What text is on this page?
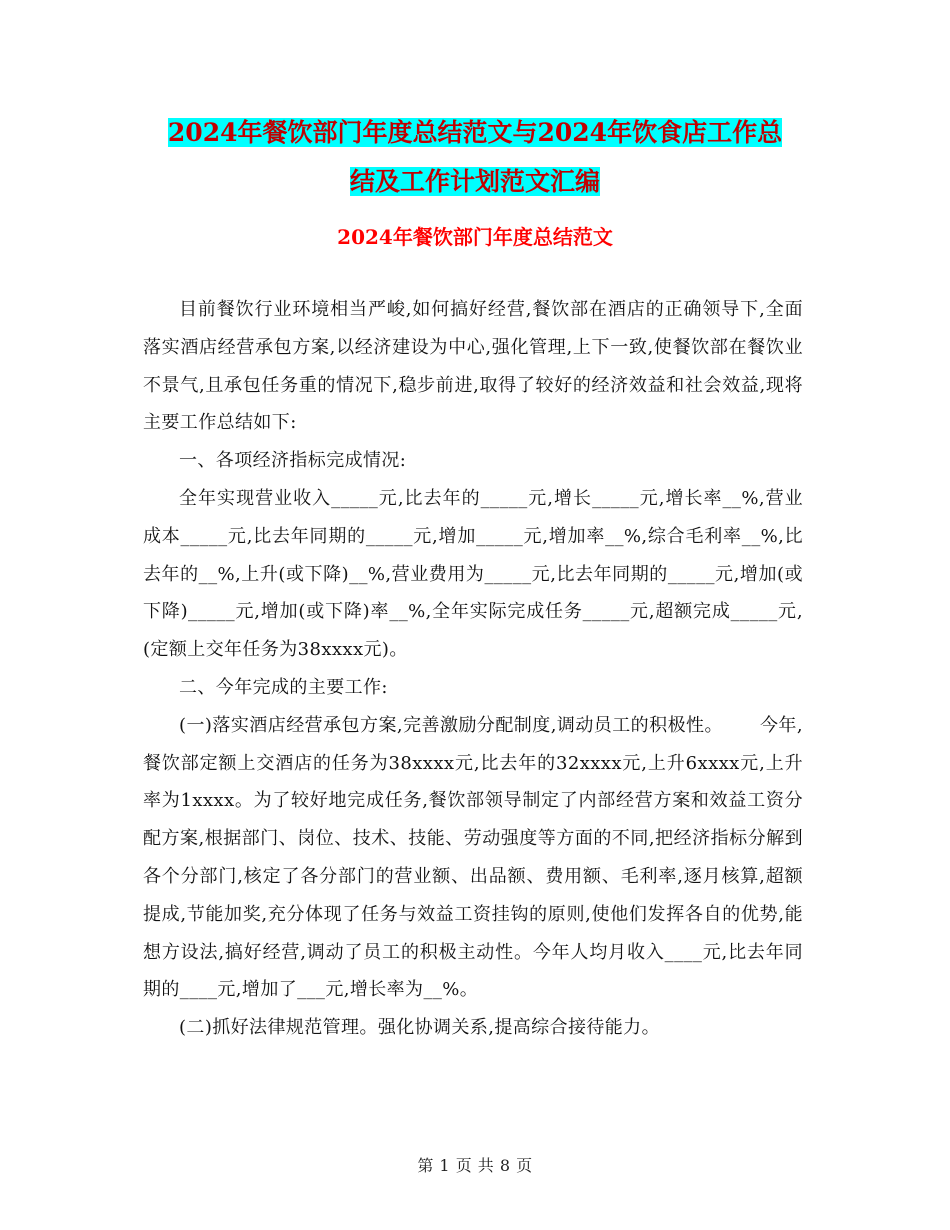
2024年餐饮部门年度总结范文与2024年饮食店工作总
结及工作计划范文汇编
2024年餐饮部门年度总结范文

目前餐饮行业环境相当严峻,如何搞好经营,餐饮部在酒店的正确领导下,全面落实酒店经营承包方案,以经济建设为中心,强化管理,上下一致,使餐饮部在餐饮业不景气,且承包任务重的情况下,稳步前进,取得了较好的经济效益和社会效益,现将主要工作总结如下:

一、各项经济指标完成情况:

全年实现营业收入_____元,比去年的_____元,增长_____元,增长率__%,营业成本_____元,比去年同期的_____元,增加_____元,增加率__%,综合毛利率__%,比去年的__%,上升(或下降)__%,营业费用为_____元,比去年同期的_____元,增加(或下降)_____元,增加(或下降)率__%,全年实际完成任务_____元,超额完成_____元,(定额上交年任务为38xxxx元)。

二、今年完成的主要工作:

(一)落实酒店经营承包方案,完善激励分配制度,调动员工的积极性。      今年,餐饮部定额上交酒店的任务为38xxxx元,比去年的32xxxx元,上升6xxxx元,上升率为1xxxx。为了较好地完成任务,餐饮部领导制定了内部经营方案和效益工资分配方案,根据部门、岗位、技术、技能、劳动强度等方面的不同,把经济指标分解到各个分部门,核定了各分部门的营业额、出品额、费用额、毛利率,逐月核算,超额提成,节能加奖,充分体现了任务与效益工资挂钩的原则,使他们发挥各自的优势,能想方设法,搞好经营,调动了员工的积极主动性。今年人均月收入____元,比去年同期的____元,增加了___元,增长率为__%。

(二)抓好法律规范管理。强化协调关系,提高综合接待能力。

第 1 页 共 8 页
